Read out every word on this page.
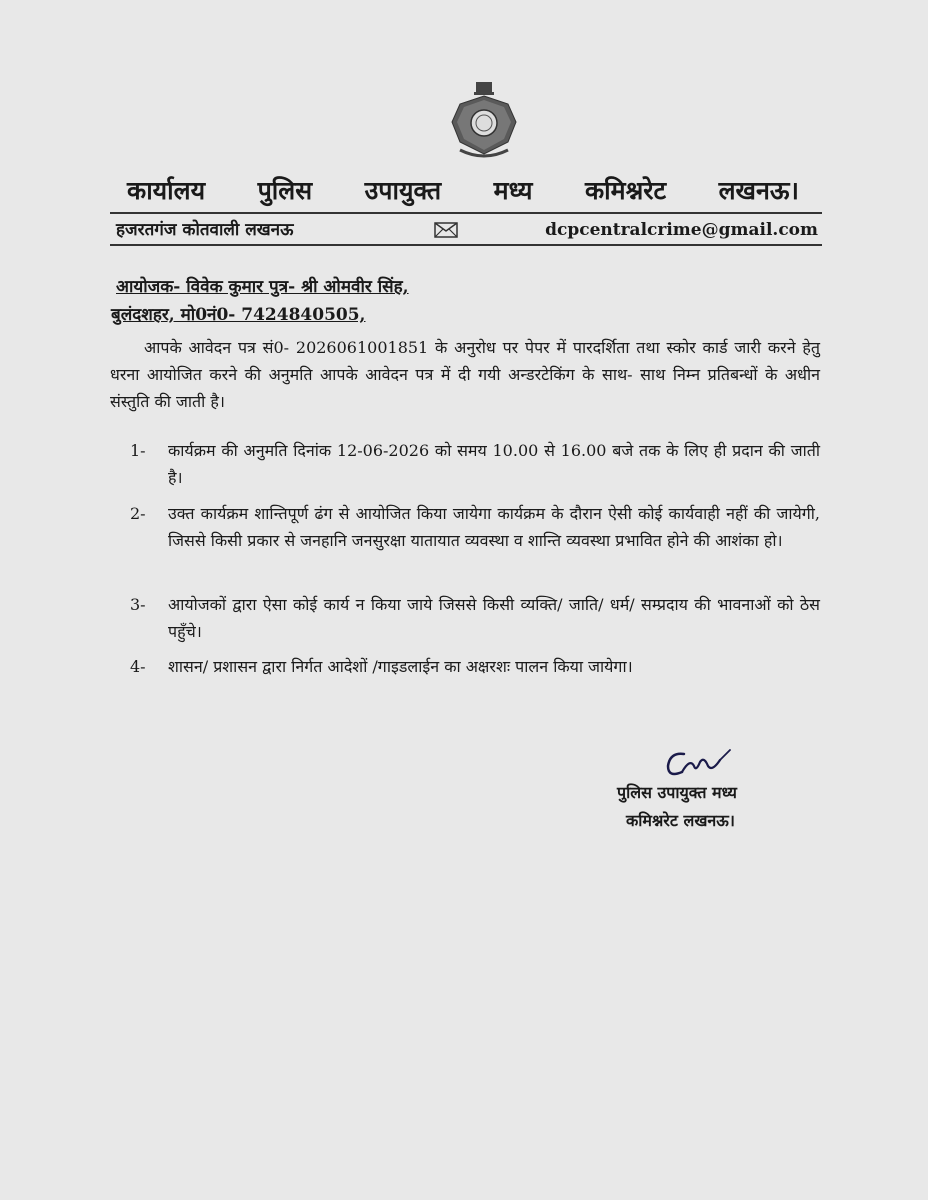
कार्यालय पुलिस उपायुक्त मध्य कमिश्नरेट लखनऊ।
हजरतगंज कोतवाली लखनऊ	dcpcentralcrime@gmail.com
आयोजक- विवेक कुमार पुत्र- श्री ओमवीर सिंह,
बुलंदशहर, मो0नं0- 7424840505,

आपके आवेदन पत्र सं0- 2026061001851 के अनुरोध पर पेपर में पारदर्शिता तथा स्कोर कार्ड जारी करने हेतु धरना आयोजित करने की अनुमति आपके आवेदन पत्र में दी गयी अन्डरटेकिंग के साथ- साथ निम्न प्रतिबन्धों के अधीन संस्तुति की जाती है।

1-	कार्यक्रम की अनुमति दिनांक 12-06-2026 को समय 10.00 से 16.00 बजे तक के लिए ही प्रदान की जाती है।
2-	उक्त कार्यक्रम शान्तिपूर्ण ढंग से आयोजित किया जायेगा कार्यक्रम के दौरान ऐसी कोई कार्यवाही नहीं की जायेगी, जिससे किसी प्रकार से जनहानि जनसुरक्षा यातायात व्यवस्था व शान्ति व्यवस्था प्रभावित होने की आशंका हो।
3-	आयोजकों द्वारा ऐसा कोई कार्य न किया जाये जिससे किसी व्यक्ति/ जाति/ धर्म/ सम्प्रदाय की भावनाओं को ठेस पहुँचे।
4-	शासन/ प्रशासन द्वारा निर्गत आदेशों /गाइडलाईन का अक्षरशः पालन किया जायेगा।
पुलिस उपायुक्त मध्य
कमिश्नरेट लखनऊ।
